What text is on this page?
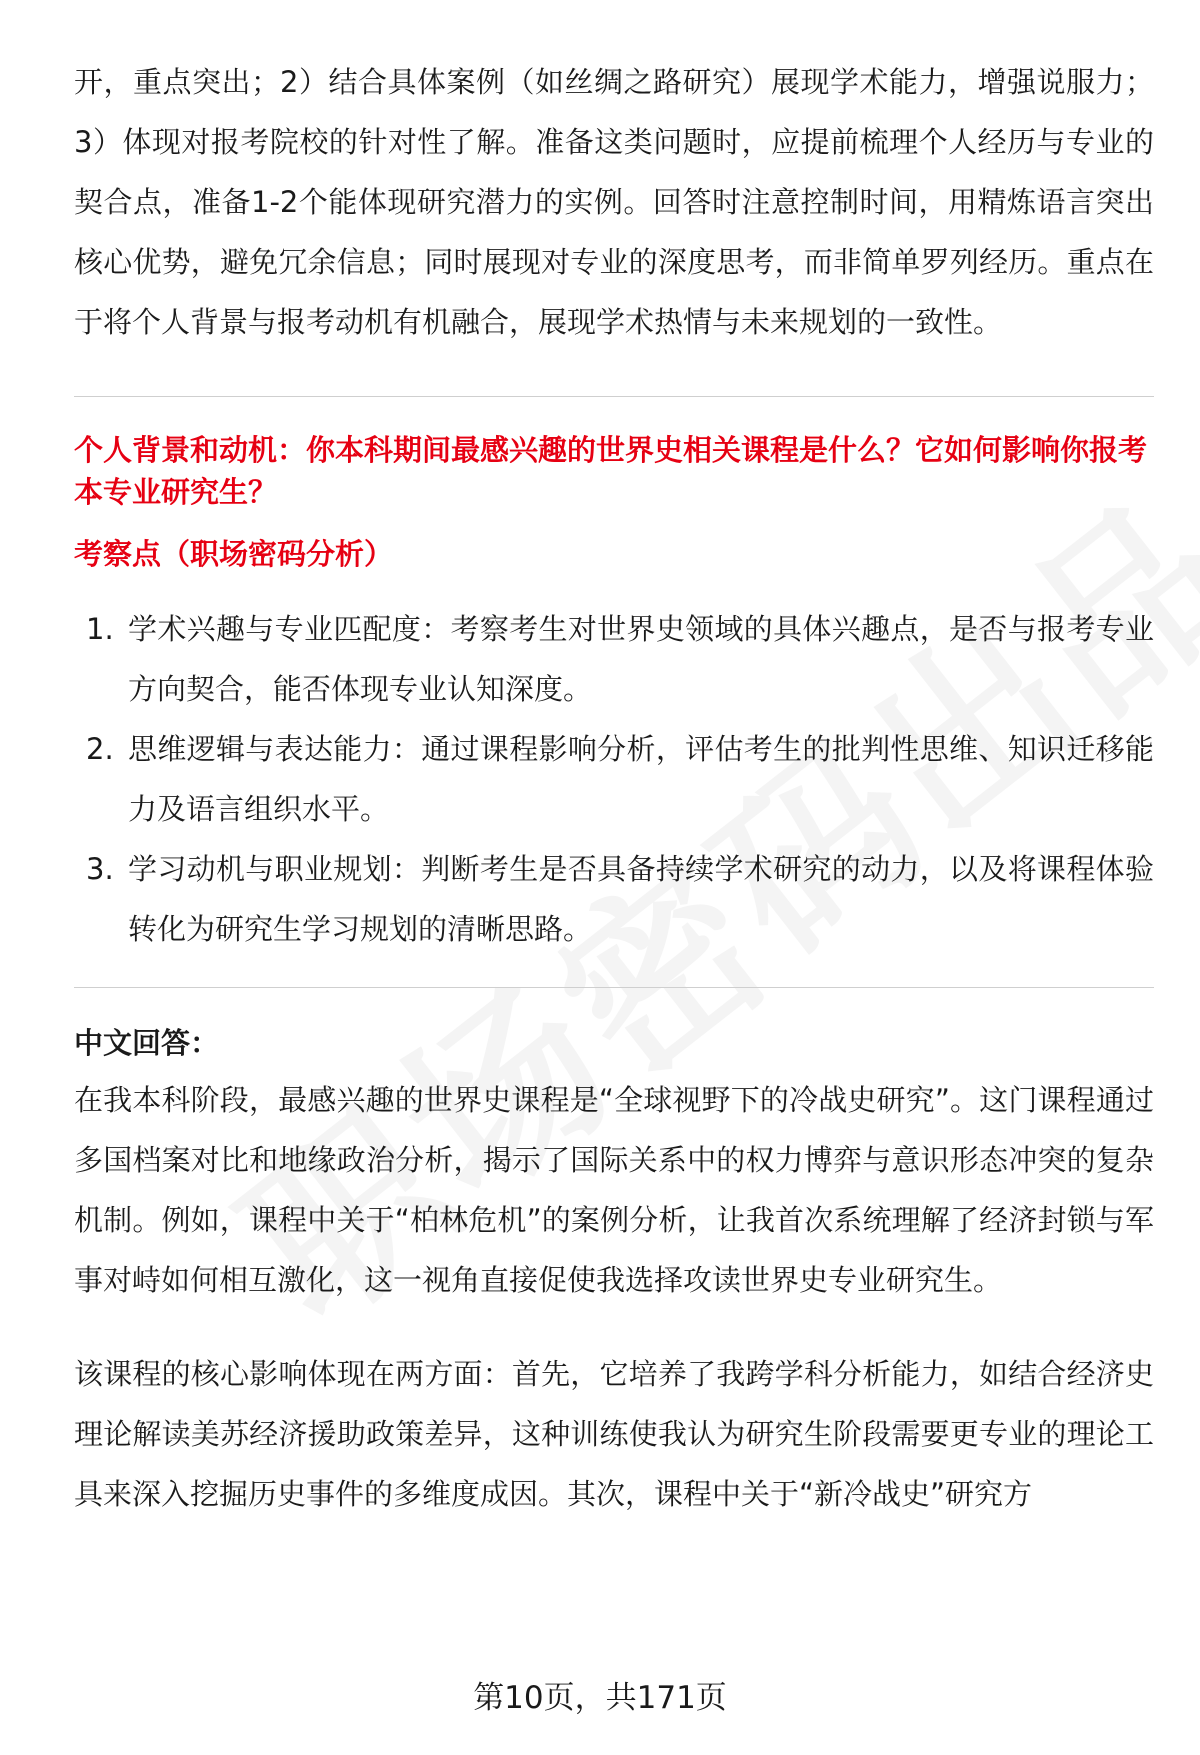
开，重点突出；2）结合具体案例（如丝绸之路研究）展现学术能力，增强说服力；3）体现对报考院校的针对性了解。准备这类问题时，应提前梳理个人经历与专业的契合点，准备1-2个能体现研究潜力的实例。回答时注意控制时间，用精炼语言突出核心优势，避免冗余信息；同时展现对专业的深度思考，而非简单罗列经历。重点在于将个人背景与报考动机有机融合，展现学术热情与未来规划的一致性。

个人背景和动机：你本科期间最感兴趣的世界史相关课程是什么？它如何影响你报考本专业研究生？

考察点（职场密码分析）

1. 学术兴趣与专业匹配度：考察考生对世界史领域的具体兴趣点，是否与报考专业方向契合，能否体现专业认知深度。
2. 思维逻辑与表达能力：通过课程影响分析，评估考生的批判性思维、知识迁移能力及语言组织水平。
3. 学习动机与职业规划：判断考生是否具备持续学术研究的动力，以及将课程体验转化为研究生学习规划的清晰思路。

中文回答：

在我本科阶段，最感兴趣的世界史课程是“全球视野下的冷战史研究”。这门课程通过多国档案对比和地缘政治分析，揭示了国际关系中的权力博弈与意识形态冲突的复杂机制。例如，课程中关于“柏林危机”的案例分析，让我首次系统理解了经济封锁与军事对峙如何相互激化，这一视角直接促使我选择攻读世界史专业研究生。

该课程的核心影响体现在两方面：首先，它培养了我跨学科分析能力，如结合经济史理论解读美苏经济援助政策差异，这种训练使我认为研究生阶段需要更专业的理论工具来深入挖掘历史事件的多维度成因。其次，课程中关于“新冷战史”研究方

第10页，共171页
